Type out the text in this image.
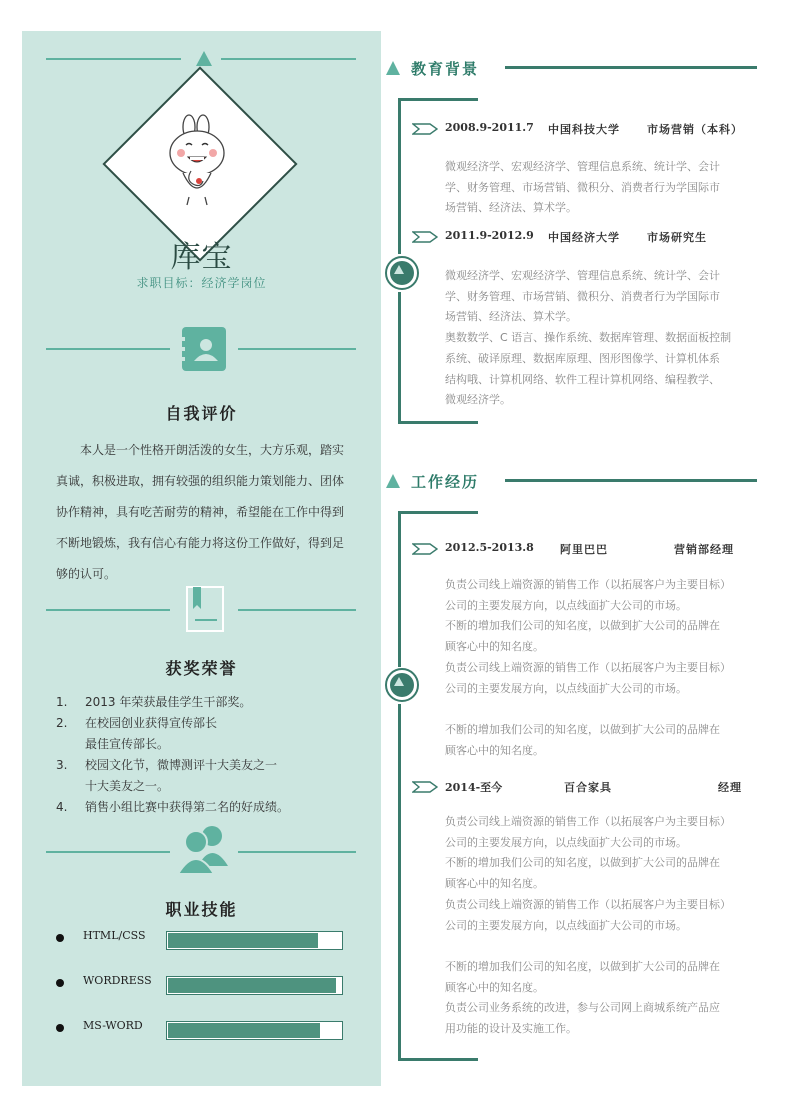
库宝
求职目标：经济学岗位
自我评价
本人是一个性格开朗活泼的女生，大方乐观，踏实真诚，积极进取，拥有较强的组织能力策划能力、团体协作精神，具有吃苦耐劳的精神，希望能在工作中得到不断地锻炼，我有信心有能力将这份工作做好，得到足够的认可。
获奖荣誉
1. 2013 年荣获最佳学生干部奖。
2. 在校园创业获得宣传部长
最佳宣传部长。
3. 校园文化节，微博测评十大美友之一
十大美友之一。
4. 销售小组比赛中获得第二名的好成绩。
职业技能
HTML/CSS
WORDRESS
MS-WORD
教育背景
2008.9-2011.7 中国科技大学 市场营销（本科）

微观经济学、宏观经济学、管理信息系统、统计学、会计

学、财务管理、市场营销、微积分、消费者行为学国际市

场营销、经济法、算术学。

2011.9-2012.9 中国经济大学 市场研究生

微观经济学、宏观经济学、管理信息系统、统计学、会计

学、财务管理、市场营销、微积分、消费者行为学国际市

场营销、经济法、算术学。

奥数数学、C 语言、操作系统、数据库管理、数据面板控制

系统、破译原理、数据库原理、图形图像学、计算机体系

结构哦、计算机网络、软件工程计算机网络、编程教学、

微观经济学。

工作经历
2012.5-2013.8 阿里巴巴	营销部经理

负责公司线上端资源的销售工作（以拓展客户为主要目标）

公司的主要发展方向，以点线面扩大公司的市场。

不断的增加我们公司的知名度，以做到扩大公司的品牌在

顾客心中的知名度。

负责公司线上端资源的销售工作（以拓展客户为主要目标）

公司的主要发展方向，以点线面扩大公司的市场。

不断的增加我们公司的知名度，以做到扩大公司的品牌在

顾客心中的知名度。

2014-至今	百合家具	经理

负责公司线上端资源的销售工作（以拓展客户为主要目标）

公司的主要发展方向，以点线面扩大公司的市场。

不断的增加我们公司的知名度，以做到扩大公司的品牌在

顾客心中的知名度。

负责公司线上端资源的销售工作（以拓展客户为主要目标）

公司的主要发展方向，以点线面扩大公司的市场。

不断的增加我们公司的知名度，以做到扩大公司的品牌在

顾客心中的知名度。

负责公司业务系统的改进，参与公司网上商城系统产品应

用功能的设计及实施工作。
